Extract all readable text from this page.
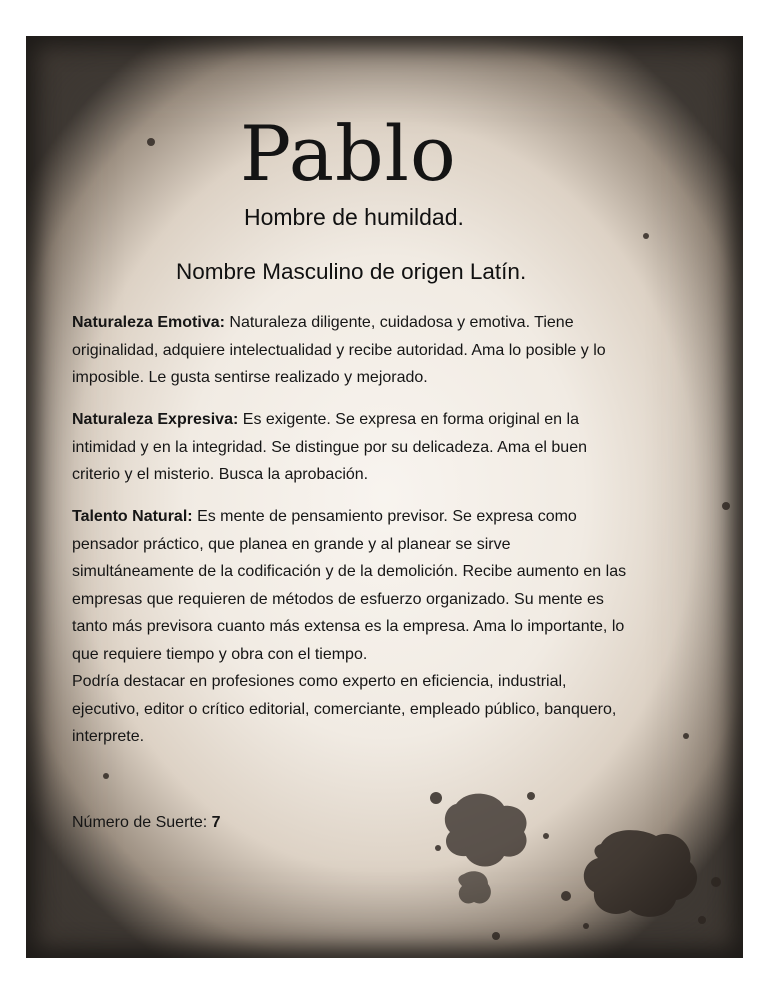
Pablo

Hombre de humildad.

Nombre Masculino de origen Latín.

Naturaleza Emotiva: Naturaleza diligente, cuidadosa y emotiva. Tiene
originalidad, adquiere intelectualidad y recibe autoridad. Ama lo posible y lo
imposible. Le gusta sentirse realizado y mejorado.

Naturaleza Expresiva: Es exigente. Se expresa en forma original en la
intimidad y en la integridad. Se distingue por su delicadeza. Ama el buen
criterio y el misterio. Busca la aprobación.

Talento Natural: Es mente de pensamiento previsor. Se expresa como
pensador práctico, que planea en grande y al planear se sirve
simultáneamente de la codificación y de la demolición. Recibe aumento en las
empresas que requieren de métodos de esfuerzo organizado. Su mente es
tanto más previsora cuanto más extensa es la empresa. Ama lo importante, lo
que requiere tiempo y obra con el tiempo.
Podría destacar en profesiones como experto en eficiencia, industrial,
ejecutivo, editor o crítico editorial, comerciante, empleado público, banquero,
interprete.

Número de Suerte: 7
